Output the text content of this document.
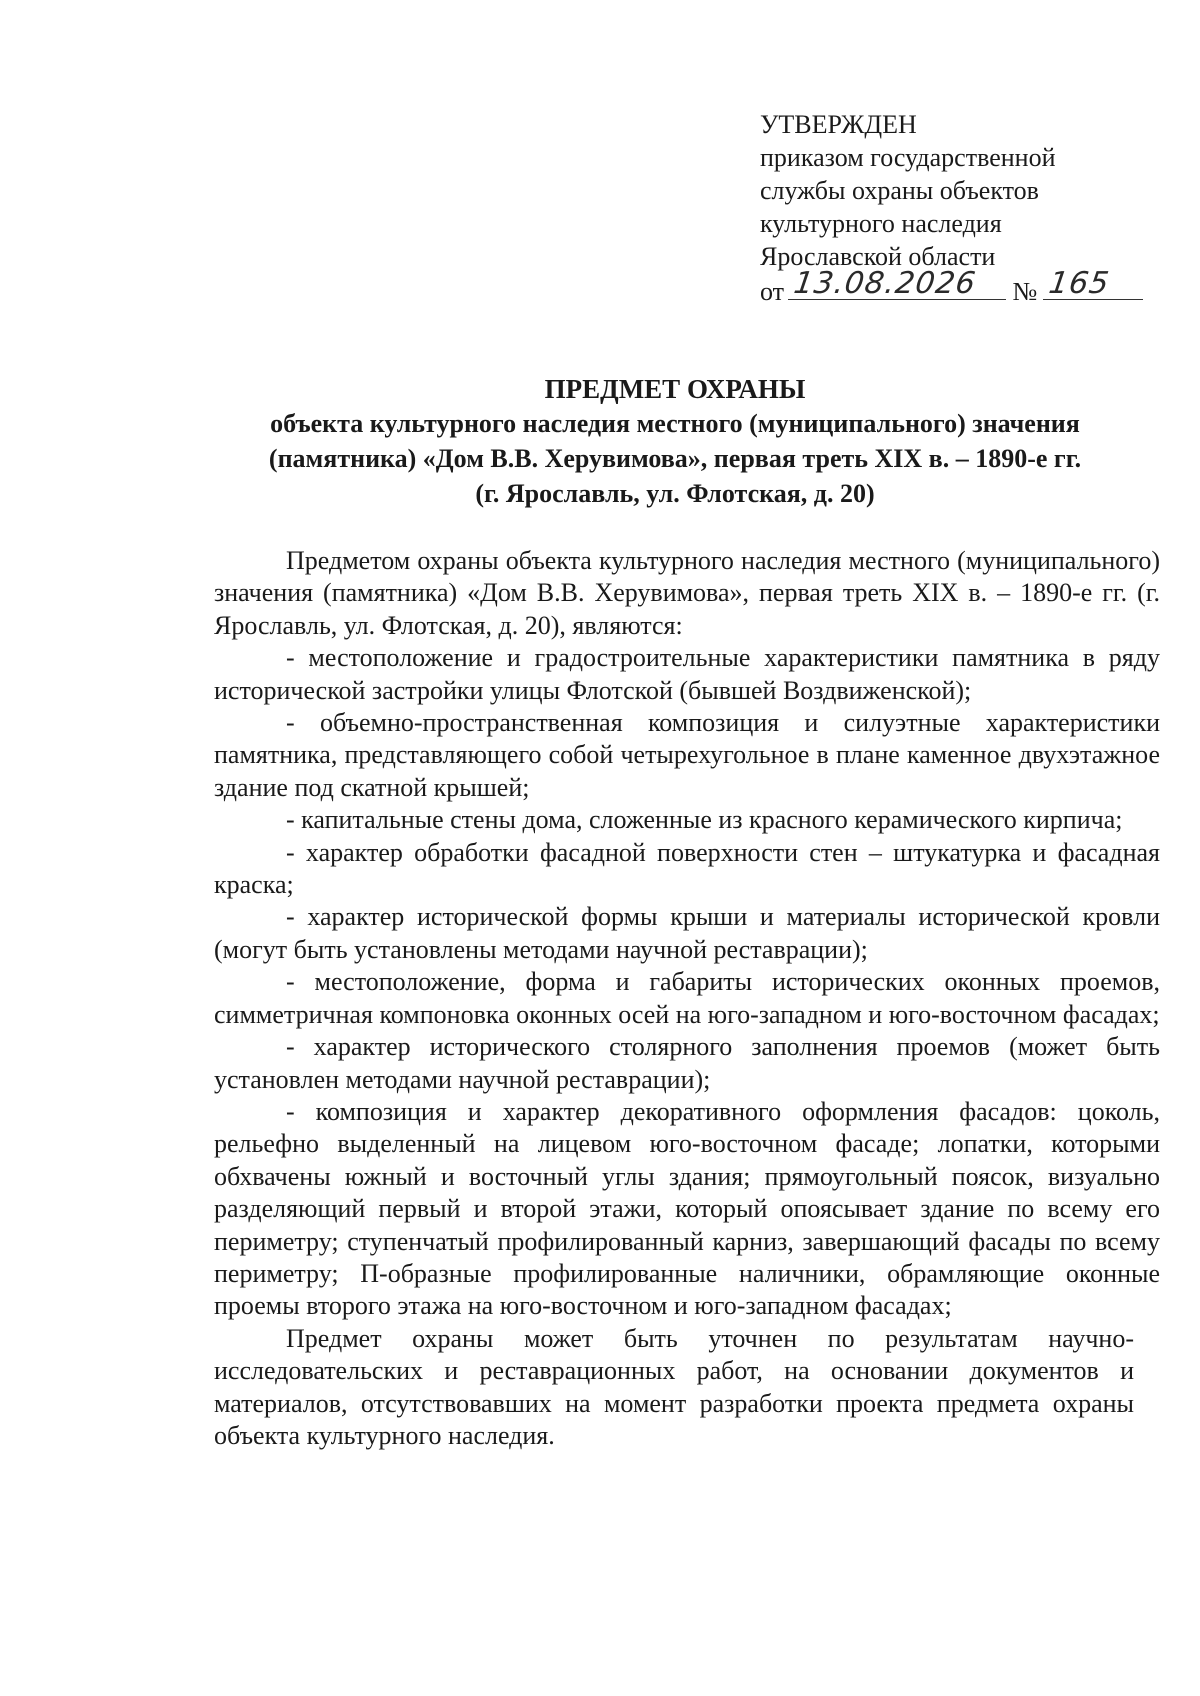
УТВЕРЖДЕН
приказом государственной
службы охраны объектов
культурного наследия
Ярославской области
от 13.08.2026 № 165
ПРЕДМЕТ ОХРАНЫ
объекта культурного наследия местного (муниципального) значения
(памятника) «Дом В.В. Херувимова», первая треть XIX в. – 1890-е гг.
(г. Ярославль, ул. Флотская, д. 20)

Предметом охраны объекта культурного наследия местного (муниципального) значения (памятника) «Дом В.В. Херувимова», первая треть XIX в. – 1890-е гг. (г. Ярославль, ул. Флотская, д. 20), являются:

- местоположение и градостроительные характеристики памятника в ряду исторической застройки улицы Флотской (бывшей Воздвиженской);

- объемно-пространственная композиция и силуэтные характеристики памятника, представляющего собой четырехугольное в плане каменное двухэтажное здание под скатной крышей;

- капитальные стены дома, сложенные из красного керамического кирпича;

- характер обработки фасадной поверхности стен – штукатурка и фасадная краска;

- характер исторической формы крыши и материалы исторической кровли (могут быть установлены методами научной реставрации);

- местоположение, форма и габариты исторических оконных проемов, симметричная компоновка оконных осей на юго-западном и юго-восточном фасадах;

- характер исторического столярного заполнения проемов (может быть установлен методами научной реставрации);

- композиция и характер декоративного оформления фасадов: цоколь, рельефно выделенный на лицевом юго-восточном фасаде; лопатки, которыми обхвачены южный и восточный углы здания; прямоугольный поясок, визуально разделяющий первый и второй этажи, который опоясывает здание по всему его периметру; ступенчатый профилированный карниз, завершающий фасады по всему периметру; П-образные профилированные наличники, обрамляющие оконные проемы второго этажа на юго-восточном и юго-западном фасадах;

Предмет охраны может быть уточнен по результатам научно-исследовательских и реставрационных работ, на основании документов и материалов, отсутствовавших на момент разработки проекта предмета охраны объекта культурного наследия.
